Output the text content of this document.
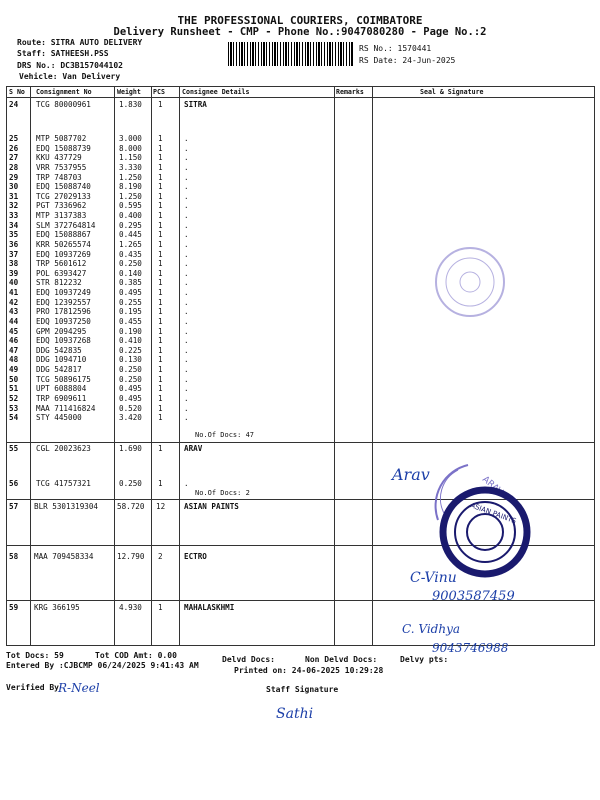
THE PROFESSIONAL COURIERS, COIMBATORE
Delivery Runsheet - CMP - Phone No.:9047080280 - Page No.:2
Route: SITRA AUTO DELIVERY
Staff: SATHEESH.PSS
DRS No.: DC3B157044102
Vehicle: Van Delivery
RS No.: 1570441
RS Date: 24-Jun-2025
S No Consignment No	Weight PCS	Consignee Details	Remarks	Seal & Signature
24 TCG 80000961	1.830 1	SITRA
25 MTP 5087702	3.000 1	.
26 EDQ 15088739	8.000 1	.
27 KKU 437729	1.150 1	.
28 VRR 7537955	3.330 1	.
29 TRP 748703	1.250 1	.
30 EDQ 15088740	8.190 1	.
31 TCG 27029133	1.250 1	.
32 PGT 7336962	0.595 1	.
33 MTP 3137383	0.400 1	.
34 SLM 372764814	0.295 1	.
35 EDQ 15088867	0.445 1	.
36 KRR 50265574	1.265 1	.
37 EDQ 10937269	0.435 1	.
38 TRP 5601612	0.250 1	.
39 POL 6393427	0.140 1	.
40 STR 812232	0.385 1	.
41 EDQ 10937249	0.495 1	.
42 EDQ 12392557	0.255 1	.
43 PRO 17812596	0.195 1	.
44 EDQ 10937250	0.455 1	.
45 GPM 2094295	0.190 1	.
46 EDQ 10937268	0.410 1	.
47 DDG 542835	0.225 1	.
48 DDG 1094710	0.130 1	.
49 DDG 542817	0.250 1	.
50 TCG 50896175	0.250 1	.
51 UPT 6088804	0.495 1	.
52 TRP 6909611	0.495 1	.
53 MAA 711416824	0.520 1	.
54 STY 445000	3.420 1	.
No.Of Docs: 47
55 CGL 20023623	1.690 1	ARAV
56 TCG 41757321	0.250 1	.
No.Of Docs: 2
57 BLR 5301319304 58.720 12 ASIAN PAINTS
58 MAA 709458334	12.790 2	ECTRO
59 KRG 366195	4.930 1	MAHALASKHMI
ARAV
ASIAN PAINTS
Arav
C-Vinu
9003587459
C. Vidhya
9043746988
R-Neel
Sathi
Tot Docs: 59	Tot COD Amt: 0.00	Delvd Docs:	Non Delvd Docs:	Delvy pts:
Entered By :CJBCMP 06/24/2025 9:41:43 AM
Printed on: 24-06-2025 10:29:28
Verified By	Staff Signature
